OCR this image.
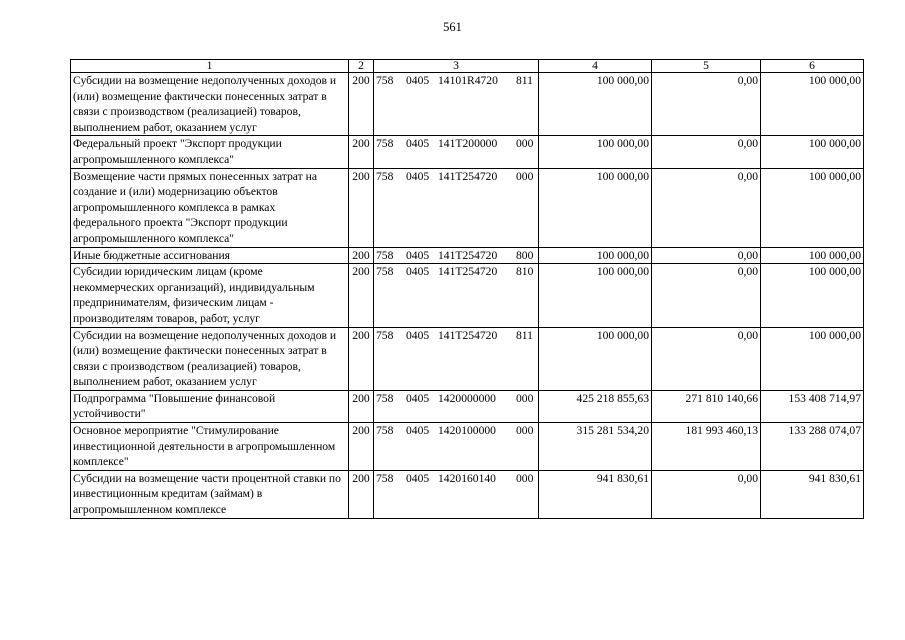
561
1	2	3	4	5	6
Субсидии на возмещение недополученных доходов и (или) возмещение фактически понесенных затрат в связи с производством (реализацией) товаров, выполнением работ, оказанием услуг	200	758 0405 14101R4720 811	100 000,00	0,00	100 000,00
Федеральный проект "Экспорт продукции агропромышленного комплекса"	200	758 0405 141T200000 000	100 000,00	0,00	100 000,00
Возмещение части прямых понесенных затрат на создание и (или) модернизацию объектов агропромышленного комплекса в рамках федерального проекта "Экспорт продукции агропромышленного комплекса"	200	758 0405 141T254720 000	100 000,00	0,00	100 000,00
Иные бюджетные ассигнования	200	758 0405 141T254720 800	100 000,00	0,00	100 000,00
Субсидии юридическим лицам (кроме некоммерческих организаций), индивидуальным предпринимателям, физическим лицам - производителям товаров, работ, услуг	200	758 0405 141T254720 810	100 000,00	0,00	100 000,00
Субсидии на возмещение недополученных доходов и (или) возмещение фактически понесенных затрат в связи с производством (реализацией) товаров, выполнением работ, оказанием услуг	200	758 0405 141T254720 811	100 000,00	0,00	100 000,00
Подпрограмма "Повышение финансовой устойчивости"	200	758 0405 1420000000 000	425 218 855,63	271 810 140,66	153 408 714,97
Основное мероприятие "Стимулирование инвестиционной деятельности в агропромышленном комплексе"	200	758 0405 1420100000 000	315 281 534,20	181 993 460,13	133 288 074,07
Субсидии на возмещение части процентной ставки по инвестиционным кредитам (займам) в агропромышленном комплексе	200	758 0405 1420160140 000	941 830,61	0,00	941 830,61
